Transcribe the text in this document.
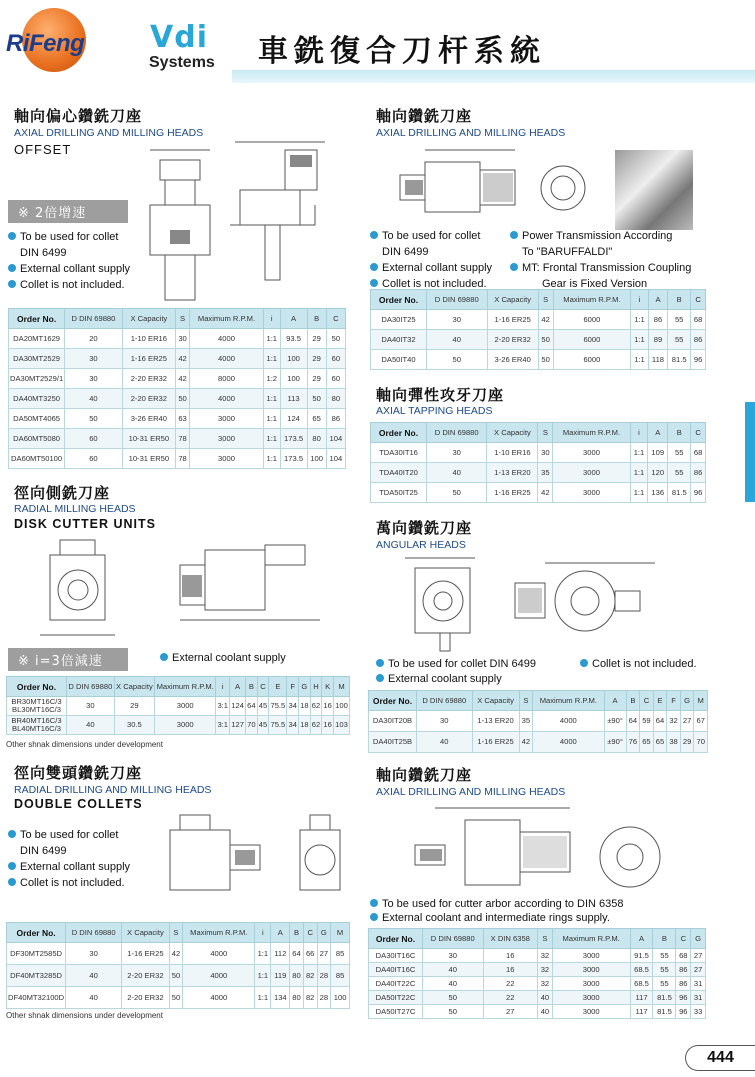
RiFeng Vdi
Systems 車銑復合刀杆系統
軸向偏心鑽銑刀座
AXIAL DRILLING AND MILLING HEADS
OFFSET
※ 2倍增速
To be used for collet
DIN 6499
External collant supply
Collet is not included.
Order No.	D DIN 69880	X Capacity	S	Maximum R.P.M.	i	A	B	C
DA20MT1629	20	1-10 ER16	30	4000	1:1	93.5	29	50
DA30MT2529	30	1-16 ER25	42	4000	1:1	100	29	60
DA30MT2529/1	30	2-20 ER32	42	8000	1:2	100	29	60
DA40MT3250	40	2-20 ER32	50	4000	1:1	113	50	80
DA50MT4065	50	3-26 ER40	63	3000	1:1	124	65	86
DA60MT5080	60	10-31 ER50	78	3000	1:1	173.5	80	104
DA60MT50100	60	10-31 ER50	78	3000	1:1	173.5	100	104
軸向鑽銑刀座
AXIAL DRILLING AND MILLING HEADS
To be used for collet
DIN 6499
External collant supply
Collet is not included.
Power Transmission According
To "BARUFFALDI"
MT: Frontal Transmission Coupling
Gear is Fixed Version
Order No.	D DIN 69880	X Capacity	S	Maximum R.P.M.	i	A	B	C
DA30IT25	30	1-16 ER25	42	6000	1:1	86	55	68
DA40IT32	40	2-20 ER32	50	6000	1:1	89	55	86
DA50IT40	50	3-26 ER40	50	6000	1:1	118	81.5	96
軸向彈性攻牙刀座
AXIAL TAPPING HEADS
Order No.	D DIN 69880	X Capacity	S	Maximum R.P.M.	i	A	B	C
TDA30IT16	30	1-10 ER16	30	3000	1:1	109	55	68
TDA40IT20	40	1-13 ER20	35	3000	1:1	120	55	86
TDA50IT25	50	1-16 ER25	42	3000	1:1	136	81.5	96
徑向側銑刀座
RADIAL MILLING HEADS
DISK CUTTER UNITS
※ i=3倍減速	External coolant supply
Order No.	D DIN 69880	X Capacity	Maximum R.P.M.	i	A	B	C	E	F	G	H	K	M
BR30MT16C/3 BL30MT16C/3	30	29	3000	3:1	124	64	45	75.5	34	18	62	16	100
BR40MT16C/3 BL40MT16C/3	40	30.5	3000	3:1	127	70	45	75.5	34	18	62	16	103
Other shnak dimensions under development
萬向鑽銑刀座
ANGULAR HEADS
To be used for collet DIN 6499	Collet is not included.
External coolant supply
Order No.	D DIN 69880	X Capacity	S	Maximum R.P.M.	A	B	C	E	F	G	M
DA30IT20B	30	1-13 ER20	35	4000	±90°	64	59	64	32	27	67
DA40IT25B	40	1-16 ER25	42	4000	±90°	76	65	65	38	29	70
徑向雙頭鑽銑刀座
RADIAL DRILLING AND MILLING HEADS
DOUBLE COLLETS
To be used for collet
DIN 6499
External collant supply
Collet is not included.
Order No.	D DIN 69880	X Capacity	S	Maximum R.P.M.	i	A	B	C	G	M
DF30MT2585D	30	1-16 ER25	42	4000	1:1	112	64	66	27	85
DF40MT3285D	40	2-20 ER32	50	4000	1:1	119	80	82	28	85
DF40MT32100D	40	2-20 ER32	50	4000	1:1	134	80	82	28	100
Other shnak dimensions under development
軸向鑽銑刀座
AXIAL DRILLING AND MILLING HEADS
To be used for cutter arbor according to DIN 6358
External coolant and intermediate rings supply.
Order No.	D DIN 69880	X DIN 6358	S	Maximum R.P.M.	A	B	C	G
DA30IT16C	30	16	32	3000	91.5	55	68	27
DA40IT16C	40	16	32	3000	68.5	55	86	27
DA40IT22C	40	22	32	3000	68.5	55	86	31
DA50IT22C	50	22	40	3000	117	81.5	96	31
DA50IT27C	50	27	40	3000	117	81.5	96	33
444
